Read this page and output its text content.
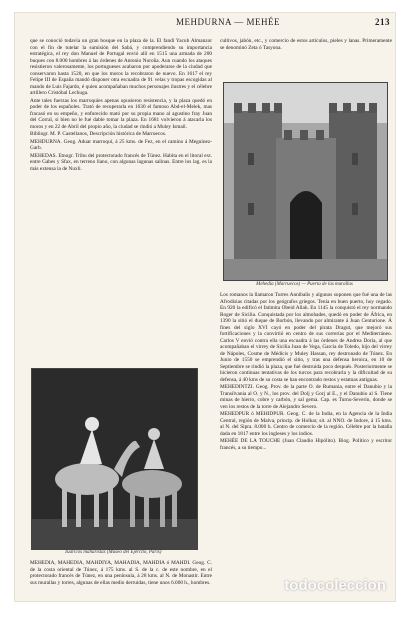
MEHDURNA — MEHÉE	213

que se conoció todavía un gran bosque en la plaza de la. El fandi Yacub Almanzor con el fin de tutelar la sumisión del Sabá, y comprendiendo su importancia estratégica, el rey don Manuel de Portugal envió allí en 1515 una armada de 200 buques con 8.000 hombres á las órdenes de Antonio Noroña. Aun cuando los ataques resistieron valerosamente, los portugueses acabaron por apoderarse de la ciudad que conservaron hasta 1520, en que los moros la recobraron de nuevo. En 1617 el rey Felipe III de España mandó disponer otra escuadra de 91 velas y tropas escogidas al mando de Luis Fajardo, é quien acompañaban muchos personajes ilustres y el célebre artillero Cristóbal Lechuga.

Ante tales fuerzas los marroquíes apenas opusieron resistencia, y la plaza quedó en poder de los españoles. Trató de recuperarla en 1630 el famoso Abd-el-Melek, mas fracasó en su empeño, y enfurecido mató por su propia mano al agustino fray Juan del Corral, si bien no le fué dable tomar la plaza. En 1681 volvieron á atacarla los moros y en 22 de Abril del propio año, la ciudad se rindió a Muley Ismail.

Bibliogr. M. P. Castellanos, Descripción histórica de Marruecos.

MEHDURNA. Geog. Aduar marroquí, á 25 kms. de Fez, en el camino á Meguinez-Garb.

MEHEDAS. Etnogr. Tribu del protectorado francés de Túnez. Habita en el litoral ext. entre Gabes y Sfax, en terreno llano, con algunas lagunas salinas. Entre los lag. es la más extensa la de Nuxli.

MEHEDIA, MAHEDIA, MAHDIYA, MAHADIA, MAHDIA ó MAHDI. Geog. C. de la costa oriental de Túnez, á 175 kms. al S. de la c. de este nombre, en el protectorado francés de Túnez, en una península, á 28 kms. al N. de Monastir. Entre sus murallas y torres, algunas de ellas medio derruidas, tiene unos 6.000 h., hombres.

cultivos, jabón, etc., y comercio de estos artículos, pieles y lanas. Primeramente se denominó Zeta ó Tasyona.

Mehedía (Marruecos) — Puerta de las murallas

Los romanos la llamaron Turres Annibalis y algunos suponen que fué una de las Afrodisias citadas por los geógrafos griegos. Tenía en buen puerto, hoy cegado. En 920 la edificó el fatimita Obeid Allah. En 1145 la conquistó el rey normando Roger de Sicilia. Conquistada por los almohades, quedó en poder de África, en 1390 la sitió el duque de Borbón, llevando por almirante á Juan Centurione. Á fines del siglo XVI cayó en poder del pirata Dragut, que mejoró sus fortificaciones y la convirtió en centro de sus correrías por el Mediterráneo. Carlos V envió contra ella una escuadra á las órdenes de Andrea Doria, al que acompañaban el virrey de Sicilia Juan de Vega, García de Toledo, hijo del virrey de Nápoles, Cosme de Médicis y Muley Hassan, rey destronado de Túnez. En Junio de 1550 se emprendió el sitio, y tras una defensa heroica, en 10 de Septiembre se rindió la plaza, que fué destruida poco después. Posteriormente se hicieron continuas tentativas de los turcos para recobrarla y la dificultad de su defensa, á 40 kms de su costa se han encontrado restos y estatuas antiguas.

MEHEDINTZI. Geog. Prov. de la parte O. de Rumania, entre el Danubio y la Transilvania al O. y N., los prov. del Dolj y Gorj al E., y el Danubio al S. Tiene minas de hierro, cobre y carbón, y sal gema. Cap. es Turnu-Severín, donde se ven los restos de la torre de Alejandro Severo.

MEHEDPUR ó MEHIDPUR. Geog. C. de la India, en la Agencia de la India Central, región de Malva, princip. de Holkar, sit. al NNO. de Indore, á 15 kms. al N. del Sipra. 8.000 h. Centro de comercio de la región. Célebre por la batalla dada en 1817 entre los ingleses y los indios.

MEHÉE DE LA TOUCHE (Juan Claudio Hipólito). Biog. Político y escritor francés, a su tiempo...

Tuaricos maharistas (Museo del Ejército, París)
todocoleccion
